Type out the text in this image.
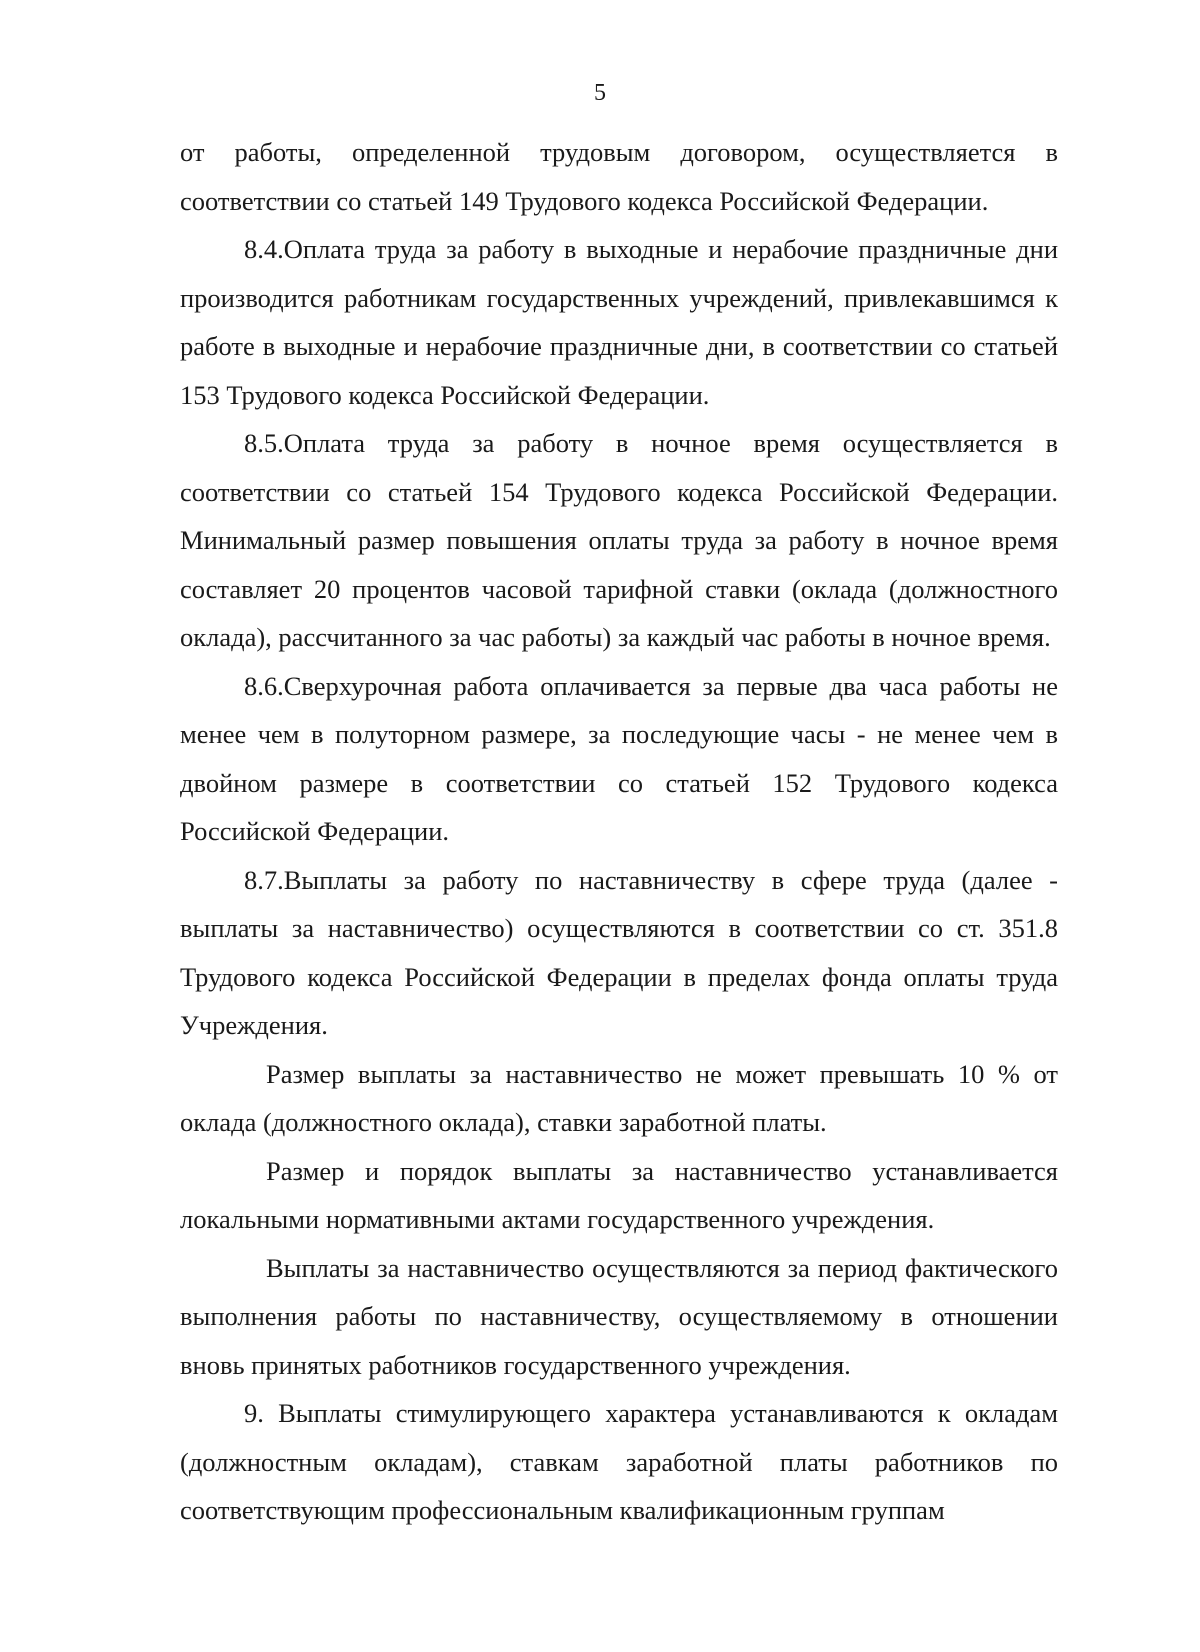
5

от работы, определенной трудовым договором, осуществляется в соответствии со статьей 149 Трудового кодекса Российской Федерации.

8.4.Оплата труда за работу в выходные и нерабочие праздничные дни производится работникам государственных учреждений, привлекавшимся к работе в выходные и нерабочие праздничные дни, в соответствии со статьей 153 Трудового кодекса Российской Федерации.

8.5.Оплата труда за работу в ночное время осуществляется в соответствии со статьей 154 Трудового кодекса Российской Федерации. Минимальный размер повышения оплаты труда за работу в ночное время составляет 20 процентов часовой тарифной ставки (оклада (должностного оклада), рассчитанного за час работы) за каждый час работы в ночное время.

8.6.Сверхурочная работа оплачивается за первые два часа работы не менее чем в полуторном размере, за последующие часы - не менее чем в двойном размере в соответствии со статьей 152 Трудового кодекса Российской Федерации.

8.7.Выплаты за работу по наставничеству в сфере труда (далее - выплаты за наставничество) осуществляются в соответствии со ст. 351.8 Трудового кодекса Российской Федерации в пределах фонда оплаты труда Учреждения.

Размер выплаты за наставничество не может превышать 10 % от оклада (должностного оклада), ставки заработной платы.

Размер и порядок выплаты за наставничество устанавливается локальными нормативными актами государственного учреждения.

Выплаты за наставничество осуществляются за период фактического выполнения работы по наставничеству, осуществляемому в отношении вновь принятых работников государственного учреждения.

9. Выплаты стимулирующего характера устанавливаются к окладам (должностным окладам), ставкам заработной платы работников по соответствующим профессиональным квалификационным группам
